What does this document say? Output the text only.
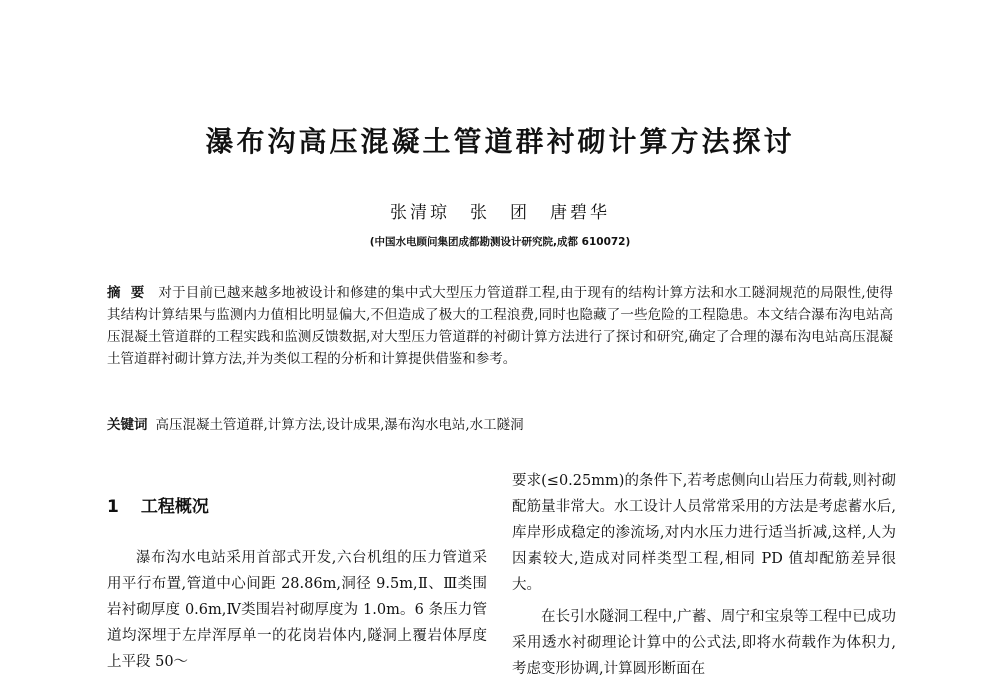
瀑布沟高压混凝土管道群衬砌计算方法探讨
张清琼　张　团　唐碧华
(中国水电顾问集团成都勘测设计研究院,成都 610072)

摘要 对于目前已越来越多地被设计和修建的集中式大型压力管道群工程,由于现有的结构计算方法和水工隧洞规范的局限性,使得其结构计算结果与监测内力值相比明显偏大,不但造成了极大的工程浪费,同时也隐藏了一些危险的工程隐患。本文结合瀑布沟电站高压混凝土管道群的工程实践和监测反馈数据,对大型压力管道群的衬砌计算方法进行了探讨和研究,确定了合理的瀑布沟电站高压混凝土管道群衬砌计算方法,并为类似工程的分析和计算提供借鉴和参考。

关键词 高压混凝土管道群,计算方法,设计成果,瀑布沟水电站,水工隧洞

1 工程概况

瀑布沟水电站采用首部式开发,六台机组的压力管道采用平行布置,管道中心间距 28.86m,洞径 9.5m,Ⅱ、Ⅲ类围岩衬砌厚度 0.6m,Ⅳ类围岩衬砌厚度为 1.0m。6 条压力管道均深埋于左岸浑厚单一的花岗岩体内,隧洞上覆岩体厚度上平段 50～

要求(≤0.25mm)的条件下,若考虑侧向山岩压力荷载,则衬砌配筋量非常大。水工设计人员常常采用的方法是考虑蓄水后,库岸形成稳定的渗流场,对内水压力进行适当折减,这样,人为因素较大,造成对同样类型工程,相同 PD 值却配筋差异很大。

在长引水隧洞工程中,广蓄、周宁和宝泉等工程中已成功采用透水衬砌理论计算中的公式法,即将水荷载作为体积力,考虑变形协调,计算圆形断面在
